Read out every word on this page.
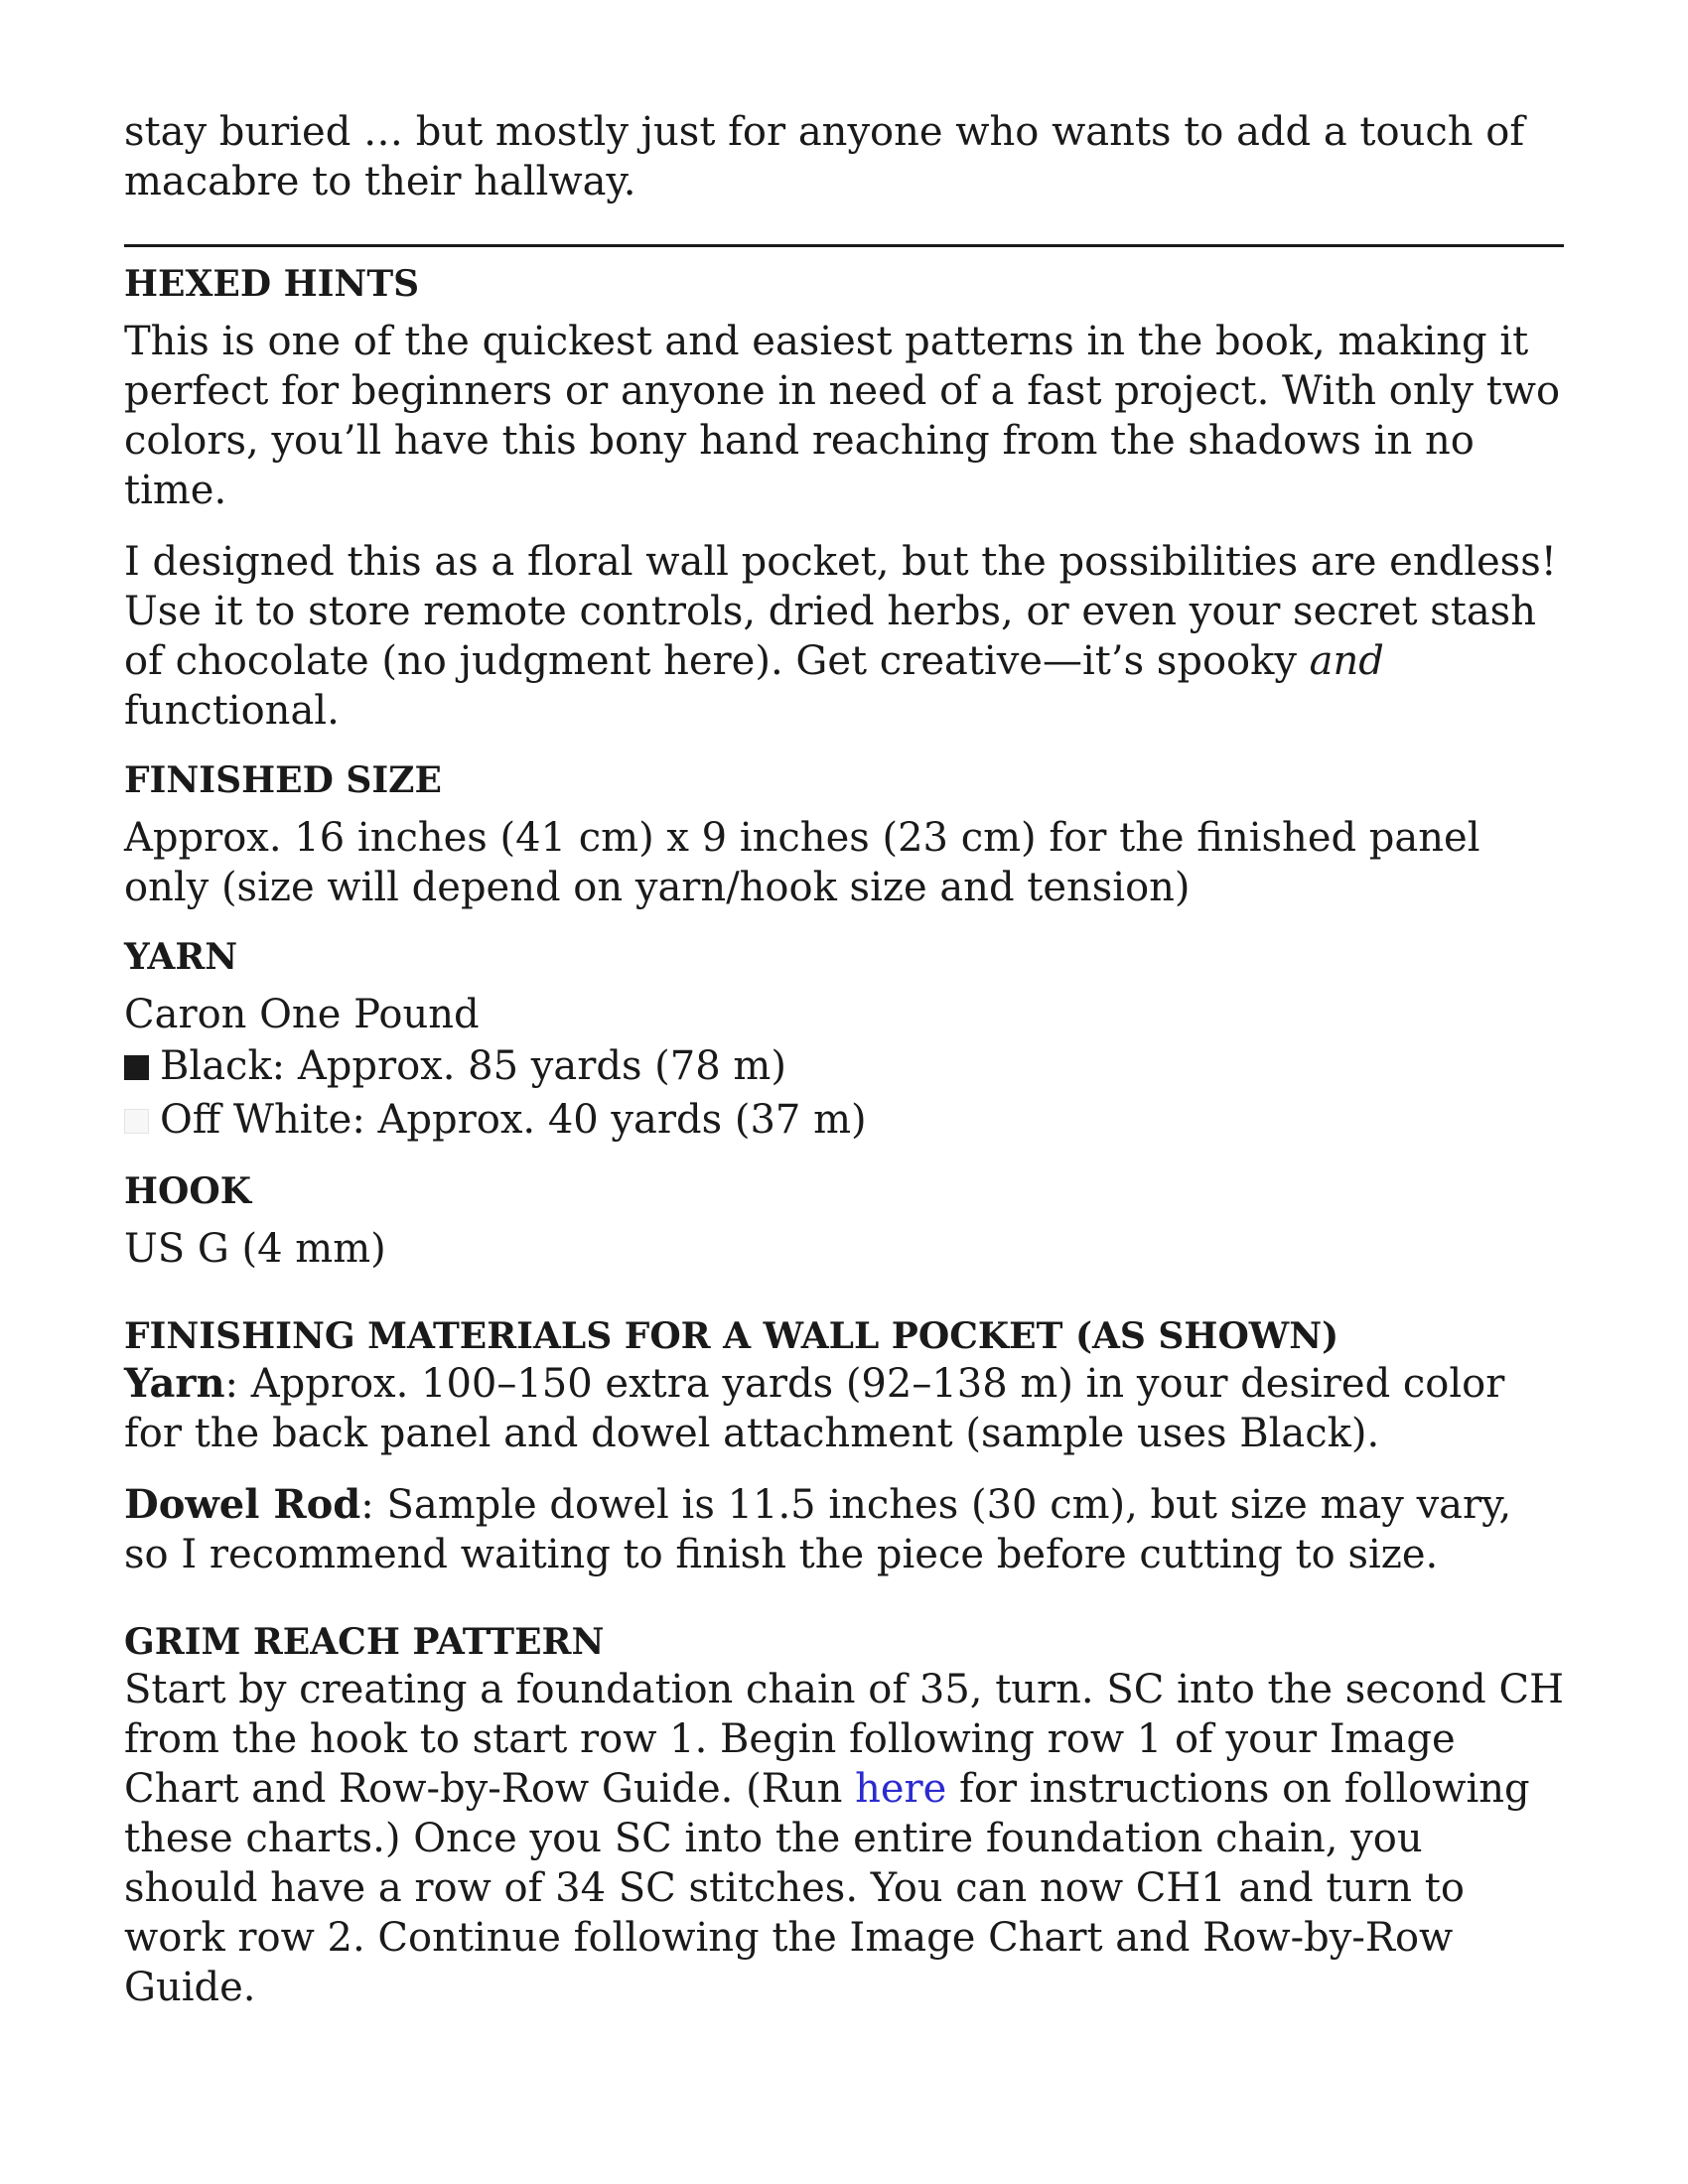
stay buried … but mostly just for anyone who wants to add a touch of macabre to their hallway.

HEXED HINTS

This is one of the quickest and easiest patterns in the book, making it perfect for beginners or anyone in need of a fast project. With only two colors, you’ll have this bony hand reaching from the shadows in no time.

I designed this as a floral wall pocket, but the possibilities are endless! Use it to store remote controls, dried herbs, or even your secret stash of chocolate (no judgment here). Get creative—it’s spooky and functional.

FINISHED SIZE

Approx. 16 inches (41 cm) x 9 inches (23 cm) for the finished panel only (size will depend on yarn/hook size and tension)

YARN

Caron One Pound

Black: Approx. 85 yards (78 m)

Off White: Approx. 40 yards (37 m)

HOOK

US G (4 mm)

FINISHING MATERIALS FOR A WALL POCKET (AS SHOWN)

Yarn: Approx. 100–150 extra yards (92–138 m) in your desired color for the back panel and dowel attachment (sample uses Black).

Dowel Rod: Sample dowel is 11.5 inches (30 cm), but size may vary, so I recommend waiting to finish the piece before cutting to size.

GRIM REACH PATTERN

Start by creating a foundation chain of 35, turn. SC into the second CH from the hook to start row 1. Begin following row 1 of your Image Chart and Row-by-Row Guide. (Run here for instructions on following these charts.) Once you SC into the entire foundation chain, you should have a row of 34 SC stitches. You can now CH1 and turn to work row 2. Continue following the Image Chart and Row-by-Row Guide.
